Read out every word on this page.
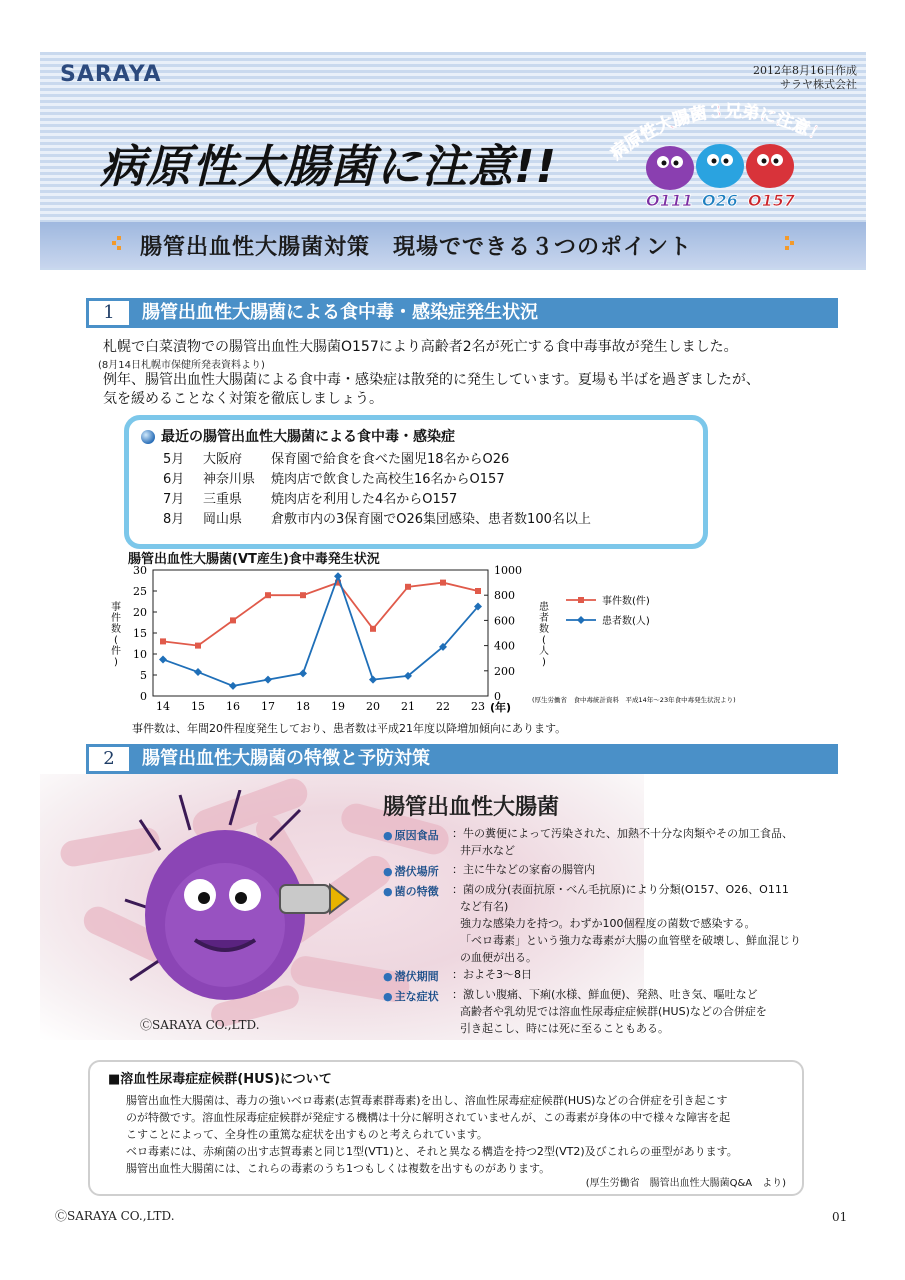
SARAYA	2012年8月16日作成
サラヤ株式会社
病原性大腸菌に注意!!	病原性大腸菌３兄弟に注意！
O111 O26 O157
腸管出血性大腸菌対策　現場でできる３つのポイント
1	腸管出血性大腸菌による食中毒・感染症発生状況
札幌で白菜漬物での腸管出血性大腸菌O157により高齢者2名が死亡する食中毒事故が発生しました。
(8月14日札幌市保健所発表資料より)
例年、腸管出血性大腸菌による食中毒・感染症は散発的に発生しています。夏場も半ばを過ぎましたが、
気を緩めることなく対策を徹底しましょう。
最近の腸管出血性大腸菌による食中毒・感染症
5月 大阪府 保育園で給食を食べた園児18名からO26
6月 神奈川県 焼肉店で飲食した高校生16名からO157
7月 三重県 焼肉店を利用した4名からO157
8月 岡山県 倉敷市内の3保育園でO26集団感染、患者数100名以上
腸管出血性大腸菌(VT産生)食中毒発生状況
0
5
10
15
20
25
30
0
200
400
600
800
1000
14 15 16 17 18 19 20 21 22 23 (年)
事
件
数
(
件
)
患
者
数
(
人
)
事件数(件)
患者数(人)
(厚生労働省　食中毒統計資料　平成14年～23年食中毒発生状況より)
事件数は、年間20件程度発生しており、患者数は平成21年度以降増加傾向にあります。
2	腸管出血性大腸菌の特徴と予防対策
ⒸSARAYA CO.,LTD.
腸管出血性大腸菌
● 原因食品 ：牛の糞便によって汚染された、加熱不十分な肉類やその加工食品、
井戸水など
● 潜伏場所 ：主に牛などの家畜の腸管内
● 菌の特徴 ：菌の成分(表面抗原・べん毛抗原)により分類(O157、O26、O111
など有名)
強力な感染力を持つ。わずか100個程度の菌数で感染する。
「ベロ毒素」という強力な毒素が大腸の血管壁を破壊し、鮮血混じり
の血便が出る。
● 潜伏期間 ：およそ3～8日
● 主な症状 ：激しい腹痛、下痢(水様、鮮血便)、発熱、吐き気、嘔吐など
高齢者や乳幼児では溶血性尿毒症症候群(HUS)などの合併症を
引き起こし、時には死に至ることもある。
■溶血性尿毒症症候群(HUS)について
腸管出血性大腸菌は、毒力の強いベロ毒素(志賀毒素群毒素)を出し、溶血性尿毒症症候群(HUS)などの合併症を引き起こす
のが特徴です。溶血性尿毒症症候群が発症する機構は十分に解明されていませんが、この毒素が身体の中で様々な障害を起
こすことによって、全身性の重篤な症状を出すものと考えられています。
ベロ毒素には、赤痢菌の出す志賀毒素と同じ1型(VT1)と、それと異なる構造を持つ2型(VT2)及びこれらの亜型があります。
腸管出血性大腸菌には、これらの毒素のうち1つもしくは複数を出すものがあります。
(厚生労働省　腸管出血性大腸菌Q&A　より)
ⒸSARAYA CO.,LTD.	01
